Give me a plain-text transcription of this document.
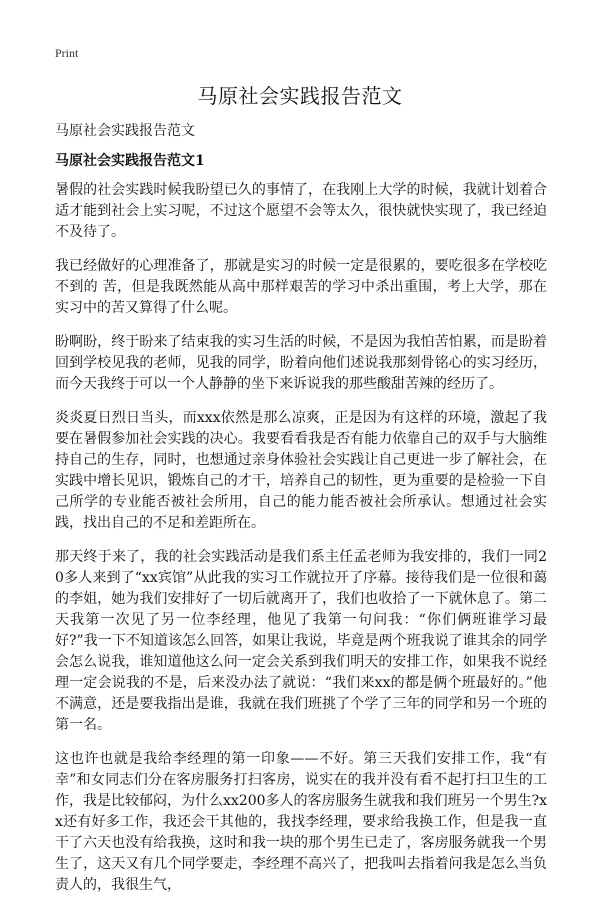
Print
马原社会实践报告范文
马原社会实践报告范文
马原社会实践报告范文1

暑假的社会实践时候我盼望已久的事情了，在我刚上大学的时候，我就计划着合适才能到社会上实习呢，不过这个愿望不会等太久，很快就快实现了，我已经迫不及待了。

我已经做好的心理准备了，那就是实习的时候一定是很累的，要吃很多在学校吃不到的 苦，但是我既然能从高中那样艰苦的学习中杀出重围，考上大学，那在实习中的苦又算得了什么呢。

盼啊盼，终于盼来了结束我的实习生活的时候，不是因为我怕苦怕累，而是盼着回到学校见我的老师，见我的同学，盼着向他们述说我那刻骨铭心的实习经历，而今天我终于可以一个人静静的坐下来诉说我的那些酸甜苦辣的经历了。

炎炎夏日烈日当头，而xxx依然是那么凉爽，正是因为有这样的环境，激起了我要在暑假参加社会实践的决心。我要看看我是否有能力依靠自己的双手与大脑维持自己的生存，同时，也想通过亲身体验社会实践让自己更进一步了解社会，在实践中增长见识，锻炼自己的才干，培养自己的韧性，更为重要的是检验一下自己所学的专业能否被社会所用，自己的能力能否被社会所承认。想通过社会实践，找出自己的不足和差距所在。

那天终于来了，我的社会实践活动是我们系主任孟老师为我安排的，我们一同20多人来到了“xx宾馆”从此我的实习工作就拉开了序幕。接待我们是一位很和蔼的李姐，她为我们安排好了一切后就离开了，我们也收拾了一下就休息了。第二天我第一次见了另一位李经理，他见了我第一句问我：“你们俩班谁学习最好?”我一下不知道该怎么回答，如果让我说，毕竟是两个班我说了谁其余的同学会怎么说我，谁知道他这么问一定会关系到我们明天的安排工作，如果我不说经理一定会说我的不是，后来没办法了就说：“我们来xx的都是俩个班最好的。”他不满意，还是要我指出是谁，我就在我们班挑了个学了三年的同学和另一个班的第一名。

这也许也就是我给李经理的第一印象——不好。第三天我们安排工作，我“有幸”和女同志们分在客房服务打扫客房，说实在的我并没有看不起打扫卫生的工作，我是比较郁闷，为什么xx200多人的客房服务生就我和我们班另一个男生?xx还有好多工作，我还会干其他的，我找李经理，要求给我换工作，但是我一直干了六天也没有给我换，这时和我一块的那个男生已走了，客房服务就我一个男生了，这天又有几个同学要走，李经理不高兴了，把我叫去指着问我是怎么当负责人的，我很生气，
